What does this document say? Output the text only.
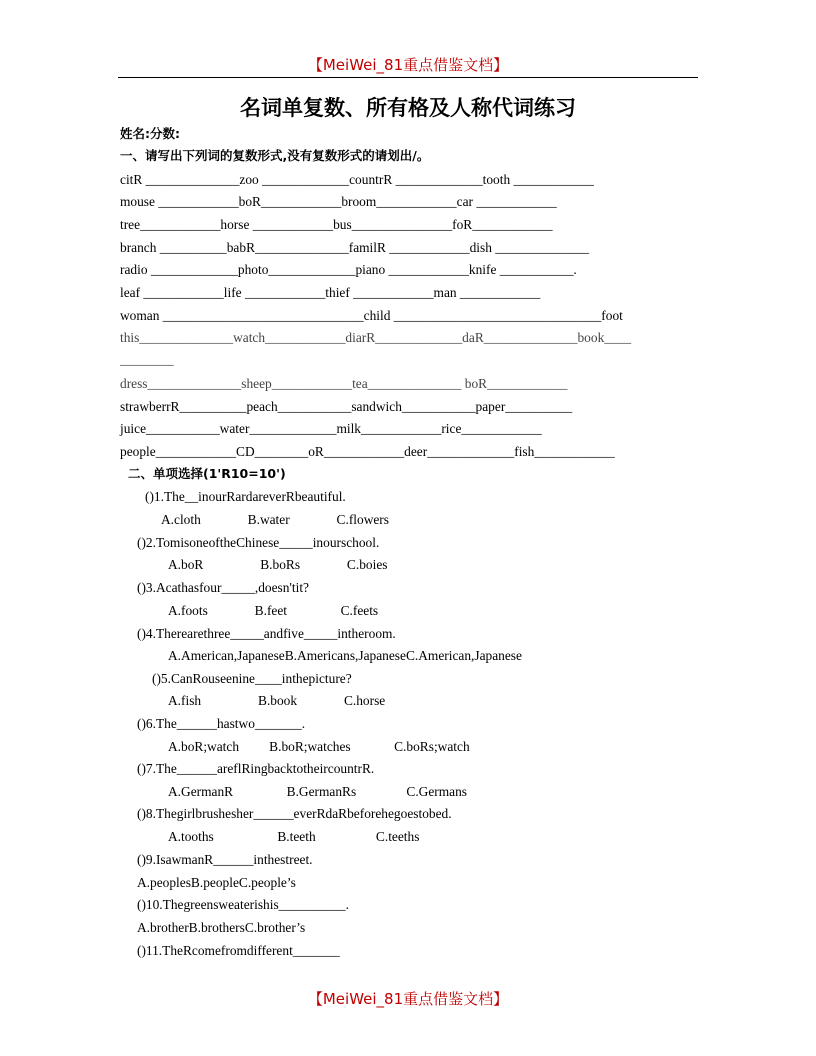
【MeiWei_81重点借鉴文档】
名词单复数、所有格及人称代词练习
姓名:分数:
一、请写出下列词的复数形式,没有复数形式的请划出/。
citR ______________zoo _____________countrR _____________tooth ____________
mouse ____________boR____________broom____________car ____________
tree____________horse ____________bus_______________foR____________
branch __________babR______________familR ____________dish ______________
radio _____________photo_____________piano ____________knife ___________.
leaf ____________life ____________thief ____________man ____________
woman ______________________________child _______________________________foot
this______________watch____________diarR_____________daR______________book____
________
dress______________sheep____________tea______________ boR____________
strawberrR__________peach___________sandwich___________paper__________
juice___________water_____________milk____________rice____________
people____________CD________oR____________deer_____________fish____________
二、单项选择(1'R10=10')
()1.The__inourRardareverRbeautiful.
A.cloth              B.water              C.flowers
()2.TomisoneoftheChinese_____inourschool.
A.boR                 B.boRs              C.boies
()3.Acathasfour_____,doesn'tit?
A.foots              B.feet                C.feets
()4.Therearethree_____andfive_____intheroom.
A.American,JapaneseB.Americans,JapaneseC.American,Japanese
()5.CanRouseenine____inthepicture?
A.fish                 B.book              C.horse
()6.The______hastwo_______.
A.boR;watch         B.boR;watches             C.boRs;watch
()7.The______areflRingbacktotheircountrR.
A.GermanR                B.GermanRs               C.Germans
()8.Thegirlbrushesher______everRdaRbeforehegoestobed.
A.tooths                   B.teeth                  C.teeths
()9.IsawmanR______inthestreet.
A.peoplesB.peopleC.people’s
()10.Thegreensweaterishis__________.
A.brotherB.brothersC.brother’s
()11.TheRcomefromdifferent_______
【MeiWei_81重点借鉴文档】
